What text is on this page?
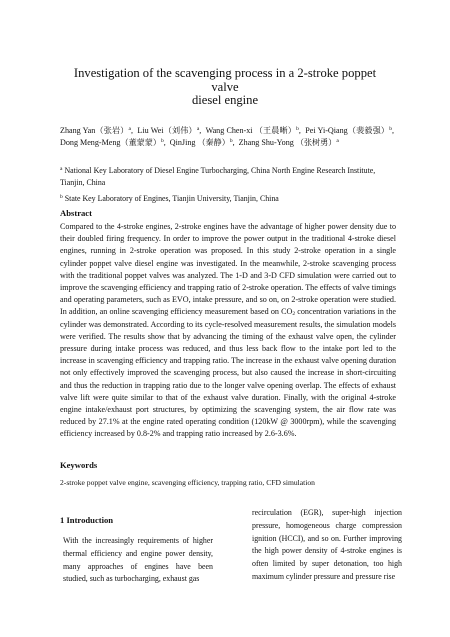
Investigation of the scavenging process in a 2-stroke poppet valve
diesel engine
Zhang Yan（张岩）$^a$,  Liu Wei（刘伟）$^a$,  Wang Chen-xi （王晨晰）$^b$,  Pei Yi-Qiang（裴毅强）$^b$,  Dong Meng-Meng（董蒙蒙）$^b$,  QinJing （秦静）$^b$,  Zhang Shu-Yong （张树勇）$^a$
$^a$ National Key Laboratory of Diesel Engine Turbocharging, China North Engine Research Institute, Tianjin, China
$^b$ State Key Laboratory of Engines, Tianjin University, Tianjin, China
Abstract
Compared to the 4-stroke engines, 2-stroke engines have the advantage of higher power density due to their doubled firing frequency. In order to improve the power output in the traditional 4-stroke diesel engines, running in 2-stroke operation was proposed. In this study 2-stroke operation in a single cylinder poppet valve diesel engine was investigated. In the meanwhile, 2-stroke scavenging process with the traditional poppet valves was analyzed. The 1-D and 3-D CFD simulation were carried out to improve the scavenging efficiency and trapping ratio of 2-stroke operation. The effects of valve timings and operating parameters, such as EVO, intake pressure, and so on, on 2-stroke operation were studied. In addition, an online scavenging efficiency measurement based on $CO_2$ concentration variations in the cylinder was demonstrated. According to its cycle-resolved measurement results, the simulation models were verified. The results show that by advancing the timing of the exhaust valve open, the cylinder pressure during intake process was reduced, and thus less back flow to the intake port led to the increase in scavenging efficiency and trapping ratio. The increase in the exhaust valve opening duration not only effectively improved the scavenging process, but also caused the increase in short-circuiting and thus the reduction in trapping ratio due to the longer valve opening overlap. The effects of exhaust valve lift were quite similar to that of the exhaust valve duration. Finally, with the original 4-stroke engine intake/exhaust port structures, by optimizing the scavenging system, the air flow rate was reduced by 27.1% at the engine rated operating condition (120kW @ 3000rpm), while the scavenging efficiency increased by 0.8-2% and trapping ratio increased by 2.6-3.6%.
Keywords
2-stroke poppet valve engine, scavenging efficiency, trapping ratio, CFD simulation
1 Introduction
With the increasingly requirements of higher thermal efficiency and engine power density, many approaches of engines have been studied, such as turbocharging, exhaust gas
recirculation (EGR), super-high injection pressure, homogeneous charge compression ignition (HCCI), and so on. Further improving the high power density of 4-stroke engines is often limited by super detonation, too high maximum cylinder pressure and pressure rise
